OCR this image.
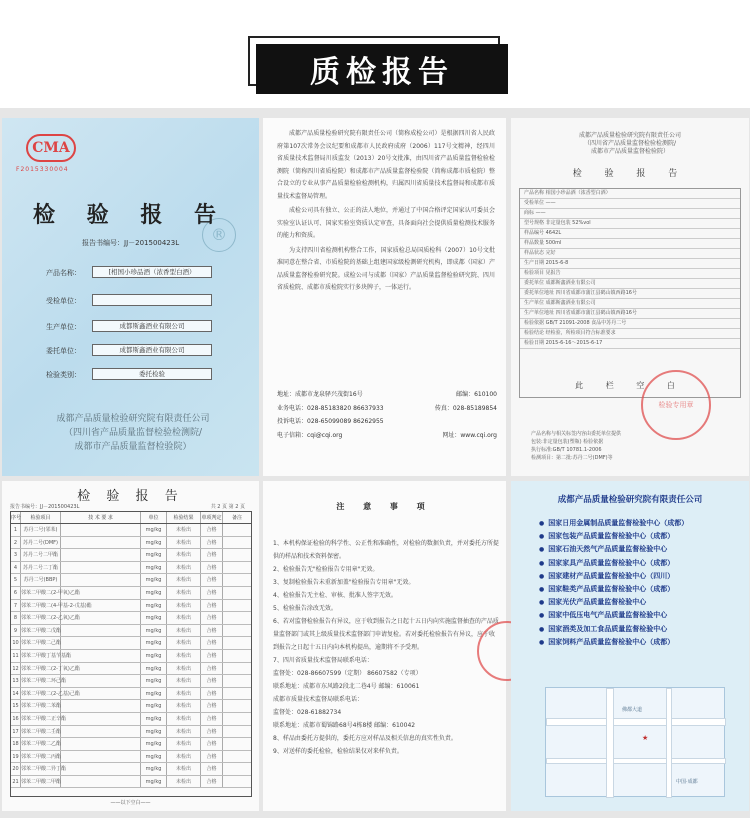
质检报告
CMA
F2015330004
®
检 验 报 告
报告书编号：JJ－201500423L
产品名称：	[相国小珍品酒（浓香型白酒）
受检单位：
生产单位：	成都斯鑫酒业有限公司
委托单位：	成都斯鑫酒业有限公司
检验类别：	委托检验
成都产品质量检验研究院有限责任公司
（四川省产品质量监督检验检测院/
成都市产品质量监督检验院）

成都产品质量检验研究院有限责任公司（简称成检公司）是根据四川省人民政府第107次常务会议纪要和成都市人民政府成府（2006）117号文精神，经四川省质量技术监督局川质监发（2013）20号文批准，由四川省产品质量监督检验检测院（简称四川省质检院）和成都市产品质量监督检验院（简称成都市质检院）整合设立的专业从事产品质量检验检测机构，归属四川省质量技术监督局和成都市质量技术监督局管理。

成检公司具有独立、公正的法人地位，并通过了中国合格评定国家认可委员会实验室认证认可、国家实验室资质认定审查，具备面向社会提供质量检测技术服务的能力和资质。

为支持四川省检测机构整合工作，国家质检总局国质检科（2007）10号文批准同意在整合省、市质检院的基础上组建国家级检测研究机构，即成都（国家）产品质量监督检验研究院。成检公司与成都（国家）产品质量监督检验研究院、四川省质检院、成都市质检院实行多块牌子，一体运行。

地址：成都市龙泉驿兴茂街16号	邮编：610100
业务电话：028-85183820 86637933	传真：028-85189854
投诉电话：028-65099089 86262955
电子信箱：cqi@cqi.org	网址：www.cqi.org
成都产品质量检验研究院有限责任公司
（四川省产品质量监督检验检测院/
成都市产品质量监督检验院）
检 验 报 告
产品名称 相国小珍品酒（浓香型白酒）
受检单位 ——
商标 ——
型号规格 非定量包装 52%vol
样品编号 4642L
样品数量 500ml
样品状态 完好
生产日期 2015-6-8
检验项目 见报告
委托单位 成都斯鑫酒业有限公司
委托单位地址 四川省成都市蒲江县鹤山镇西路16号
生产单位 成都斯鑫酒业有限公司
生产单位地址 四川省成都市蒲江县鹤山镇西路16号
检验依据 GB/T 21091-2008 食品中苏丹二号
检验结论 经检验，所检项目符合标准要求
检验日期 2015-6-16～2015-6-17
此 栏 空 白
检验专用章
产品名称与相关标签内容由委托单位提供
包装:非定量包装(塑瓶) 检验依据
执行标准:GB/T 10781.1-2006
检测项目：第二批:苏丹二号(DMF)等
检 验 报 告
报告书编号：JJ－201500423L	共 2 页 第 2 页
序号	检验项目	技 术 要 求	单位	检验结果	单项判定	备注
1	苏丹二号(邻苯)	mg/kg	未检出	合格
2	苏丹二号(DMF)	mg/kg	未检出	合格
3	苏丹二号二甲酯	mg/kg	未检出	合格
4	苏丹二号二丁酯	mg/kg	未检出	合格
5	苏丹二号(BBP)	mg/kg	未检出	合格
6 邻苯二甲酸二(2-甲氧)乙酯	mg/kg	未检出	合格
7 邻苯二甲酸二(4-甲基-2-戊基)酯	mg/kg	未检出	合格
8 邻苯二甲酸二(2-乙氧)乙酯	mg/kg	未检出	合格
9 邻苯二甲酸二戊酯	mg/kg	未检出	合格
10 邻苯二甲酸二己酯	mg/kg	未检出	合格
11 邻苯二甲酸丁基苄基酯	mg/kg	未检出	合格
12 邻苯二甲酸二(2-丁氧)乙酯	mg/kg	未检出	合格
13 邻苯二甲酸二环己酯	mg/kg	未检出	合格
14 邻苯二甲酸二(2-乙基)己酯	mg/kg	未检出	合格
15 邻苯二甲酸二苯酯	mg/kg	未检出	合格
16 邻苯二甲酸二正辛酯	mg/kg	未检出	合格
17 邻苯二甲酸二壬酯	mg/kg	未检出	合格
18 邻苯二甲酸二乙酯	mg/kg	未检出	合格
19 邻苯二甲酸二丙酯	mg/kg	未检出	合格
20 邻苯二甲酸二异丁酯	mg/kg	未检出	合格
21 邻苯二甲酸二甲酯	mg/kg	未检出	合格
——以下空白——
注 意 事 项
1、本机构保证检验的科学性、公正性和准确性，对检验的数据负责，并对委托方所提供的样品和技术资料保密。
2、检验报告无"检验报告专用章"无效。
3、复制检验报告未重新加盖"检验报告专用章"无效。
4、检验报告无主检、审核、批准人签字无效。
5、检验报告涂改无效。
6、若对监督检验报告有异议，应于收到报告之日起十五日内向实施监督抽查的产品质量监督部门或其上级质量技术监督部门申请复检。若对委托检验报告有异议，应于收到报告之日起十五日内向本机构提出，逾期将不予受理。
7、四川省质量技术监督局联系电话：
监督处：028-86607599（定期） 86607582（专项）
联系地址：成都市东风路2段北二巷4号 邮编：610061
成都市质量技术监督局联系电话：
监督处：028-61882734
联系地址：成都市蜀锦路68号4栋8楼 邮编：610042
8、样品由委托方提供的，委托方应对样品及相关信息的真实性负责。
9、对送样的委托检验，检验结果仅对来样负责。
成都产品质量检验研究院有限责任公司
● 国家日用金属制品质量监督检验中心（成都）
● 国家包装产品质量监督检验中心（成都）
● 国家石油天然气产品质量监督检验中心
● 国家家具产品质量监督检验中心（成都）
● 国家建材产品质量监督检验中心（四川）
● 国家鞋类产品质量监督检验中心（成都）
● 国家光伏产品质量监督检验中心
● 国家中低压电气产品质量监督检验中心
● 国家酒类及加工食品质量监督检验中心
● 国家饲料产品质量监督检验中心（成都）
佛都大道
★
中国·成都
